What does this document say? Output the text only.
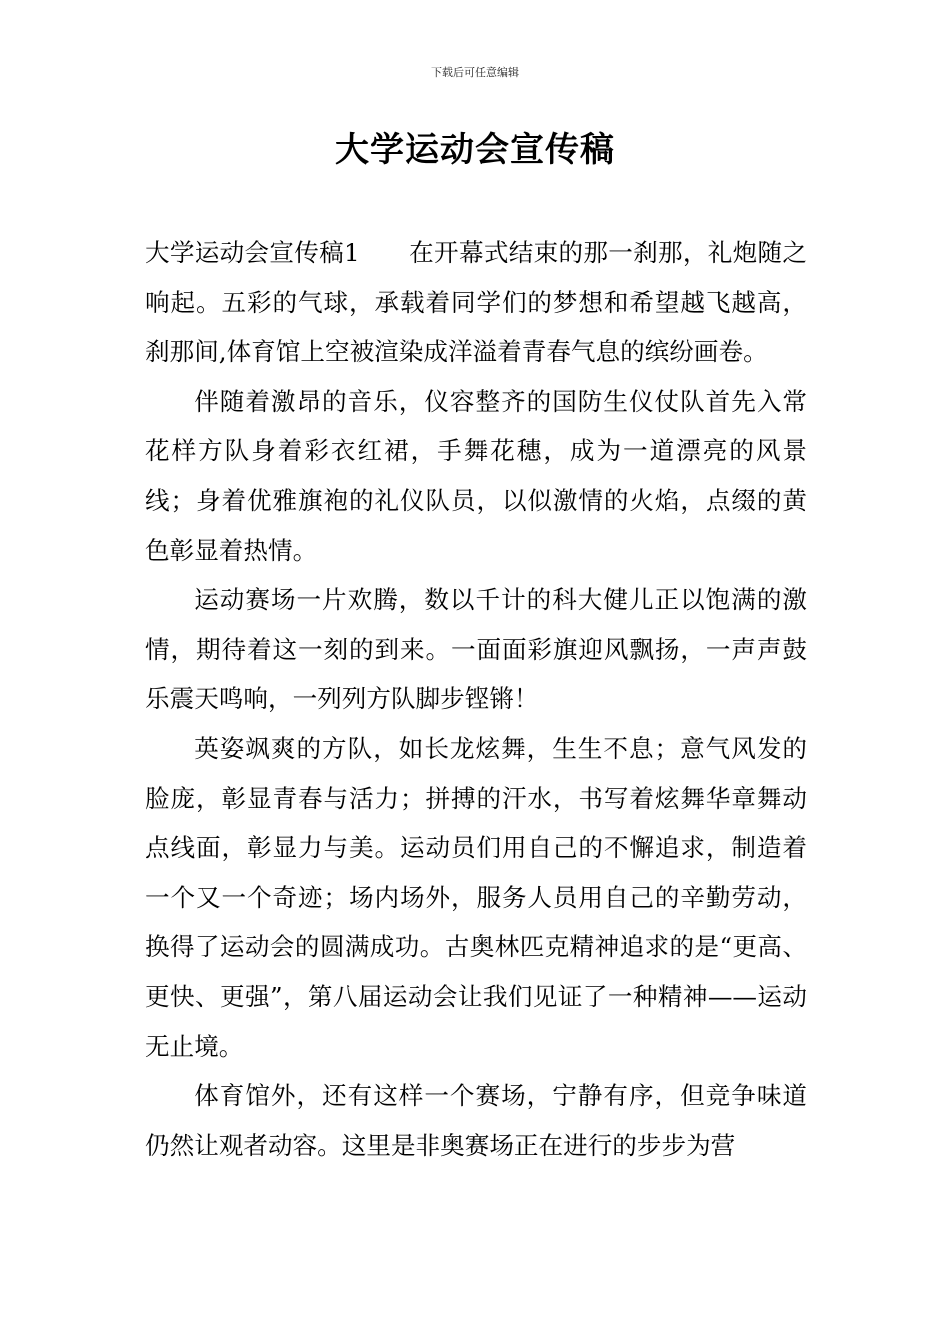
下载后可任意编辑
大学运动会宣传稿

大学运动会宣传稿1 在开幕式结束的那一刹那，礼炮随之响起。五彩的气球，承载着同学们的梦想和希望越飞越高，刹那间,体育馆上空被渲染成洋溢着青春气息的缤纷画卷。

伴随着激昂的音乐，仪容整齐的国防生仪仗队首先入常花样方队身着彩衣红裙，手舞花穗，成为一道漂亮的风景线；身着优雅旗袍的礼仪队员，以似激情的火焰，点缀的黄色彰显着热情。

运动赛场一片欢腾，数以千计的科大健儿正以饱满的激情，期待着这一刻的到来。一面面彩旗迎风飘扬，一声声鼓乐震天鸣响，一列列方队脚步铿锵！

英姿飒爽的方队，如长龙炫舞，生生不息；意气风发的脸庞，彰显青春与活力；拼搏的汗水，书写着炫舞华章舞动点线面，彰显力与美。运动员们用自己的不懈追求，制造着一个又一个奇迹；场内场外，服务人员用自己的辛勤劳动，换得了运动会的圆满成功。古奥林匹克精神追求的是“更高、更快、更强”，第八届运动会让我们见证了一种精神——运动无止境。

体育馆外，还有这样一个赛场，宁静有序，但竞争味道仍然让观者动容。这里是非奥赛场正在进行的步步为营
